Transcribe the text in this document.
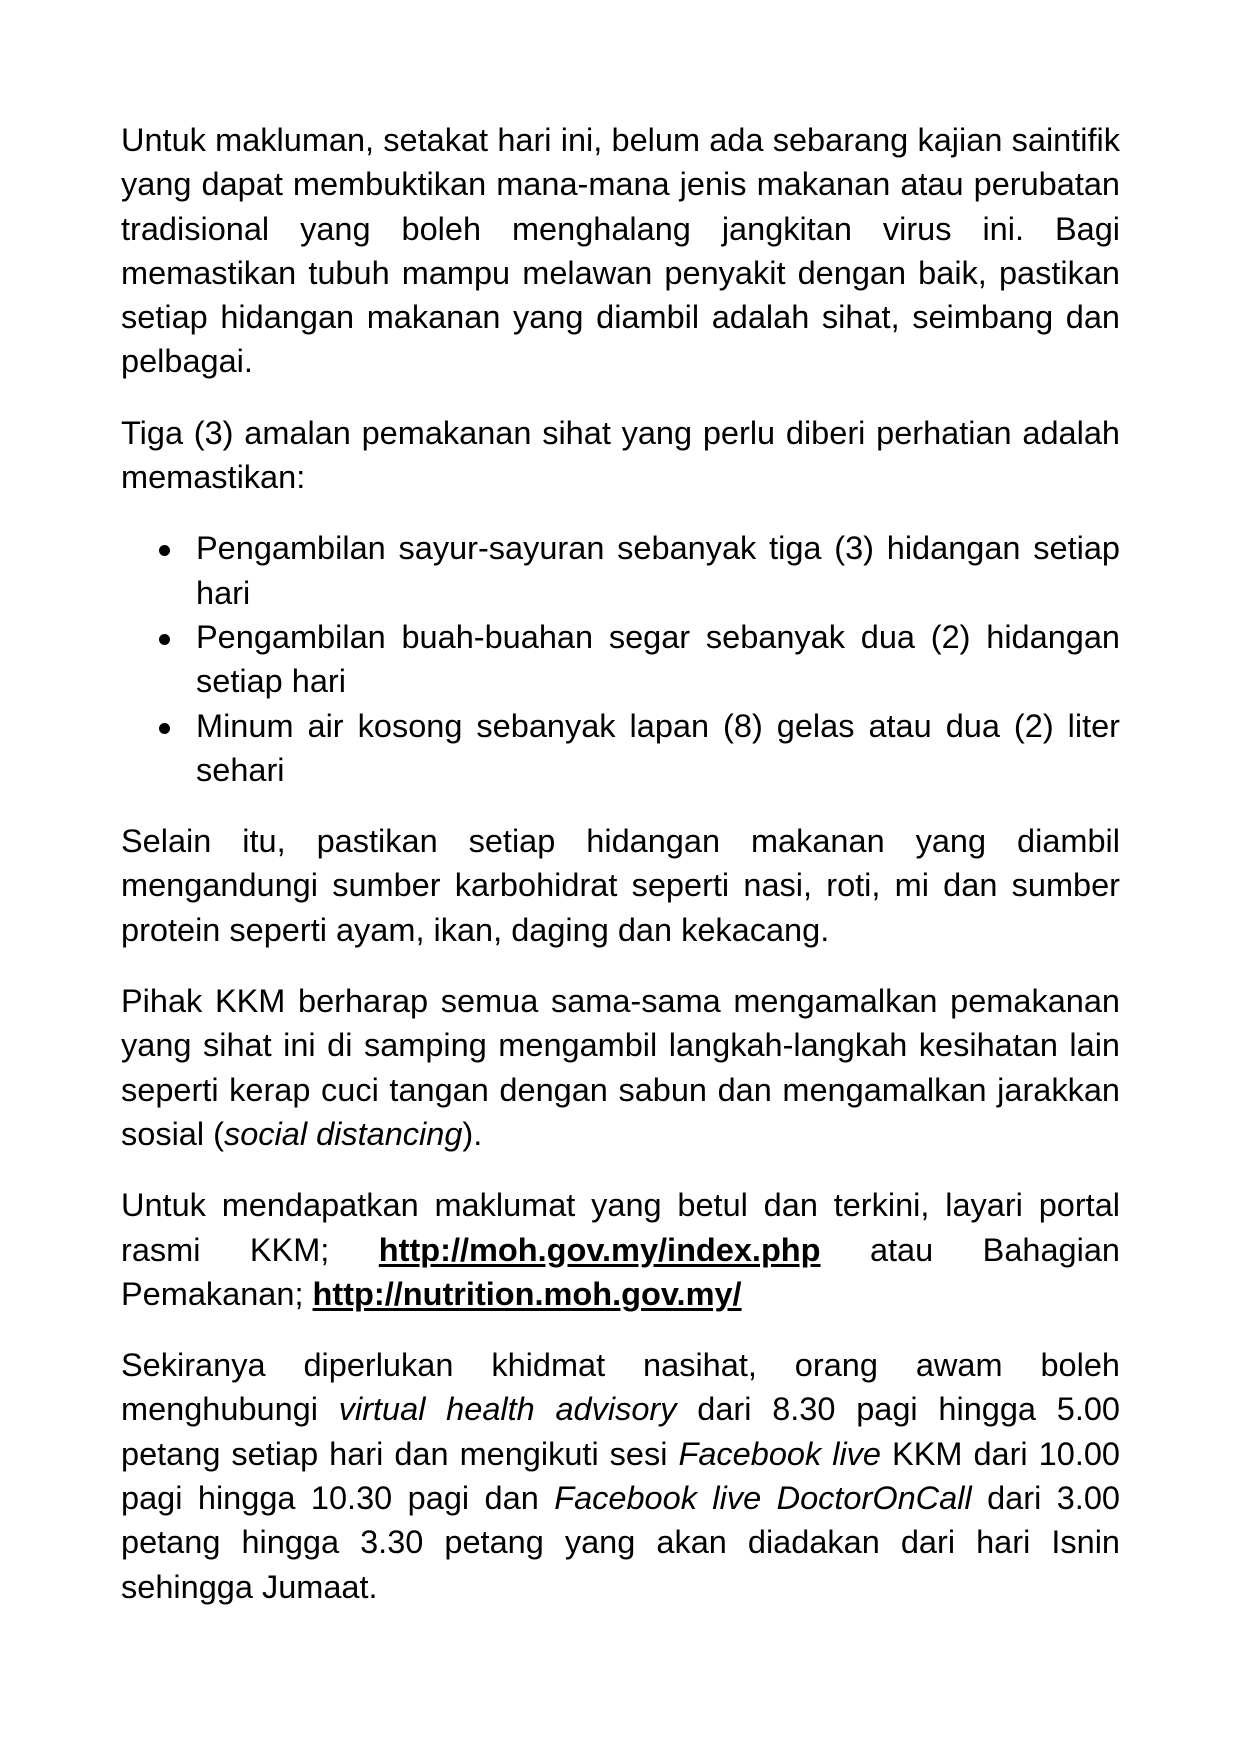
Untuk makluman, setakat hari ini, belum ada sebarang kajian saintifik yang dapat membuktikan mana-mana jenis makanan atau perubatan tradisional yang boleh menghalang jangkitan virus ini. Bagi memastikan tubuh mampu melawan penyakit dengan baik, pastikan setiap hidangan makanan yang diambil adalah sihat, seimbang dan pelbagai.

Tiga (3) amalan pemakanan sihat yang perlu diberi perhatian adalah memastikan:

Pengambilan sayur-sayuran sebanyak tiga (3) hidangan setiap hari
Pengambilan buah-buahan segar sebanyak dua (2) hidangan setiap hari
Minum air kosong sebanyak lapan (8) gelas atau dua (2) liter sehari

Selain itu, pastikan setiap hidangan makanan yang diambil mengandungi sumber karbohidrat seperti nasi, roti, mi dan sumber protein seperti ayam, ikan, daging dan kekacang.

Pihak KKM berharap semua sama-sama mengamalkan pemakanan yang sihat ini di samping mengambil langkah-langkah kesihatan lain seperti kerap cuci tangan dengan sabun dan mengamalkan jarakkan sosial (social distancing).

Untuk mendapatkan maklumat yang betul dan terkini, layari portal rasmi KKM; http://moh.gov.my/index.php atau Bahagian Pemakanan; http://nutrition.moh.gov.my/

Sekiranya diperlukan khidmat nasihat, orang awam boleh menghubungi virtual health advisory dari 8.30 pagi hingga 5.00 petang setiap hari dan mengikuti sesi Facebook live KKM dari 10.00 pagi hingga 10.30 pagi dan Facebook live DoctorOnCall dari 3.00 petang hingga 3.30 petang yang akan diadakan dari hari Isnin sehingga Jumaat.
